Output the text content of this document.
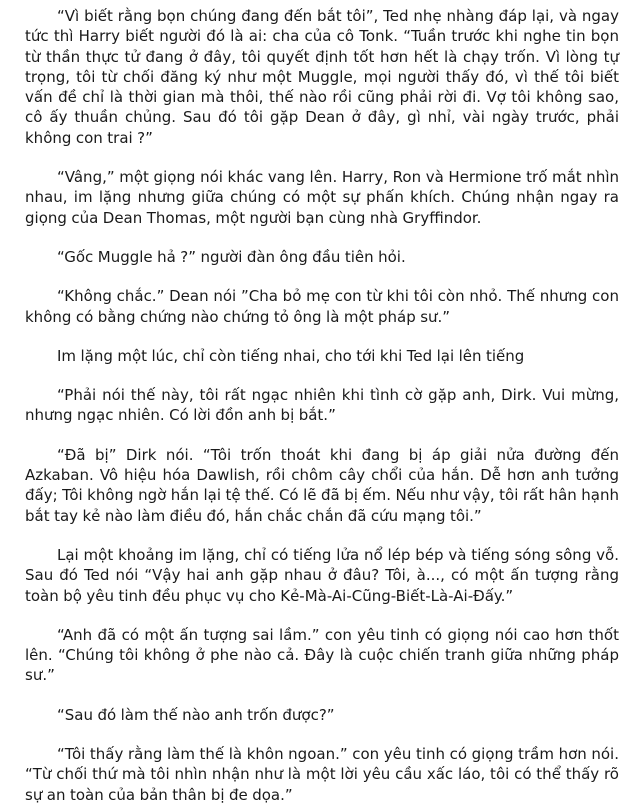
“Vì biết rằng bọn chúng đang đến bắt tôi”, Ted nhẹ nhàng đáp lại, và ngay tức thì Harry biết người đó là ai: cha của cô Tonk. “Tuần trước khi nghe tin bọn từ thần thực tử đang ở đây, tôi quyết định tốt hơn hết là chạy trốn. Vì lòng tự trọng, tôi từ chối đăng ký như một Muggle, mọi người thấy đó, vì thế tôi biết vấn đề chỉ là thời gian mà thôi, thế nào rồi cũng phải rời đi. Vợ tôi không sao, cô ấy thuần chủng. Sau đó tôi gặp Dean ở đây, gì nhỉ, vài ngày trước, phải không con trai ?”

“Vâng,” một giọng nói khác vang lên. Harry, Ron và Hermione trố mắt nhìn nhau, im lặng nhưng giữa chúng có một sự phấn khích. Chúng nhận ngay ra giọng của Dean Thomas, một người bạn cùng nhà Gryffindor.

“Gốc Muggle hả ?” người đàn ông đầu tiên hỏi.

“Không chắc.” Dean nói ”Cha bỏ mẹ con từ khi tôi còn nhỏ. Thế nhưng con không có bằng chứng nào chứng tỏ ông là một pháp sư.”

Im lặng một lúc, chỉ còn tiếng nhai, cho tới khi Ted lại lên tiếng

“Phải nói thế này, tôi rất ngạc nhiên khi tình cờ gặp anh, Dirk. Vui mừng, nhưng ngạc nhiên. Có lời đồn anh bị bắt.”

“Đã bị” Dirk nói. “Tôi trốn thoát khi đang bị áp giải nửa đường đến Azkaban. Vô hiệu hóa Dawlish, rồi chôm cây chổi của hắn. Dễ hơn anh tưởng đấy; Tôi không ngờ hắn lại tệ thế. Có lẽ đã bị ếm. Nếu như vậy, tôi rất hân hạnh bắt tay kẻ nào làm điều đó, hắn chắc chắn đã cứu mạng tôi.”

Lại một khoảng im lặng, chỉ có tiếng lửa nổ lép bép và tiếng sóng sông vỗ. Sau đó Ted nói “Vậy hai anh gặp nhau ở đâu? Tôi, à..., có một ấn tượng rằng toàn bộ yêu tinh đều phục vụ cho Kẻ-Mà-Ai-Cũng-Biết-Là-Ai-Đấy.”

“Anh đã có một ấn tượng sai lầm.” con yêu tinh có giọng nói cao hơn thốt lên. “Chúng tôi không ở phe nào cả. Đây là cuộc chiến tranh giữa những pháp sư.”

“Sau đó làm thế nào anh trốn được?”

“Tôi thấy rằng làm thế là khôn ngoan.” con yêu tinh có giọng trầm hơn nói. “Từ chối thứ mà tôi nhìn nhận như là một lời yêu cầu xấc láo, tôi có thể thấy rõ sự an toàn của bản thân bị đe dọa.”
